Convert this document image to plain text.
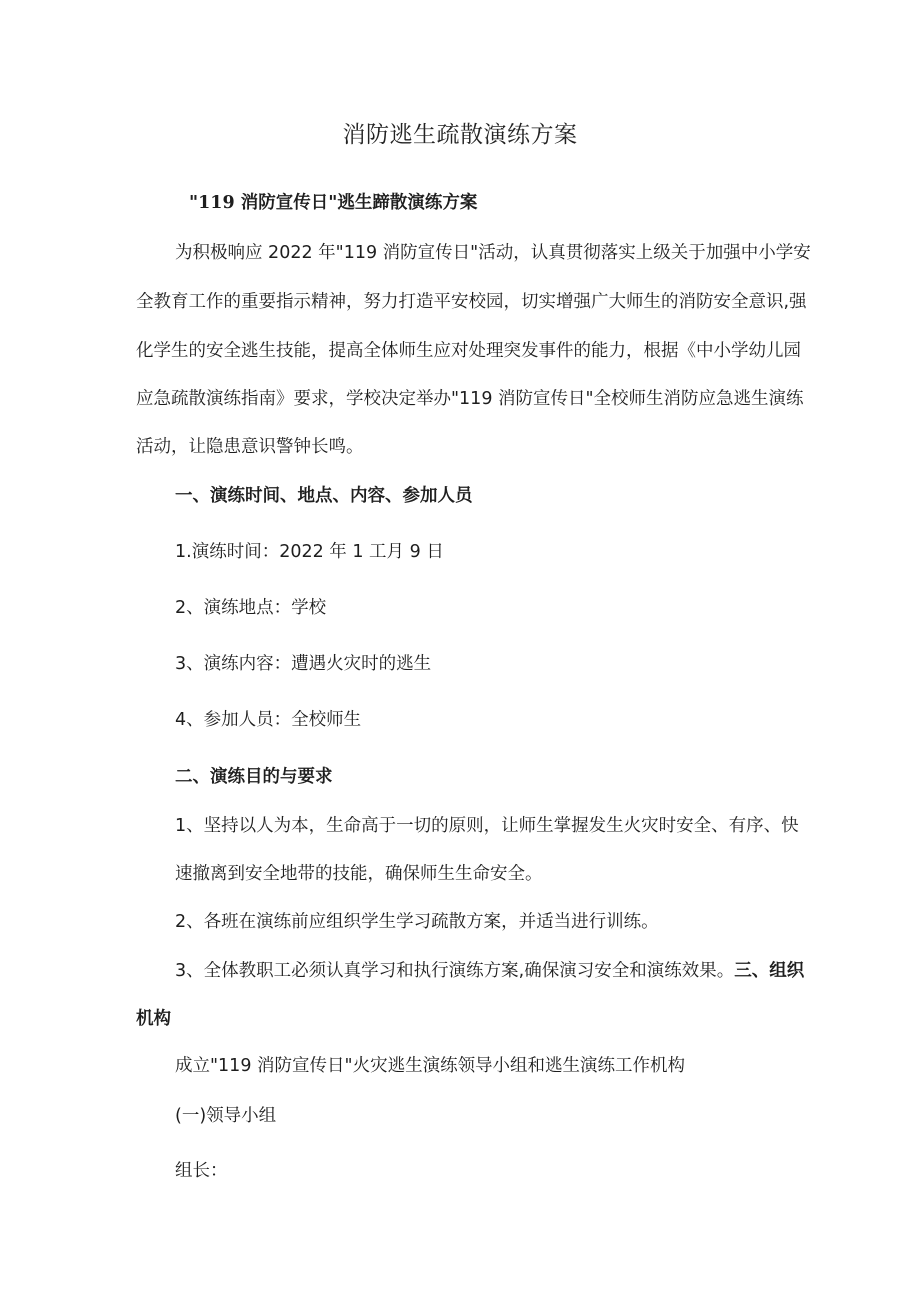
消防逃生疏散演练方案
"119 消防宣传日"逃生蹄散演练方案
为积极响应 2022 年"119 消防宣传日"活动，认真贯彻落实上级关于加强中小学安
全教育工作的重要指示精神，努力打造平安校园，切实增强广大师生的消防安全意识,强
化学生的安全逃生技能，提高全体师生应对处理突发事件的能力，根据《中小学幼儿园
应急疏散演练指南》要求，学校决定举办"119 消防宣传日"全校师生消防应急逃生演练
活动，让隐患意识警钟长鸣。
一、演练时间、地点、内容、参加人员
1.演练时间：2022 年 1 工月 9 日
2、演练地点：学校
3、演练内容：遭遇火灾时的逃生
4、参加人员：全校师生
二、演练目的与要求
1、坚持以人为本，生命高于一切的原则，让师生掌握发生火灾时安全、有序、快
速撤离到安全地带的技能，确保师生生命安全。
2、各班在演练前应组织学生学习疏散方案，并适当进行训练。
3、全体教职工必须认真学习和执行演练方案,确保演习安全和演练效果。 三、组织
机构
成立"119 消防宣传日"火灾逃生演练领导小组和逃生演练工作机构
(一)领导小组
组长：
